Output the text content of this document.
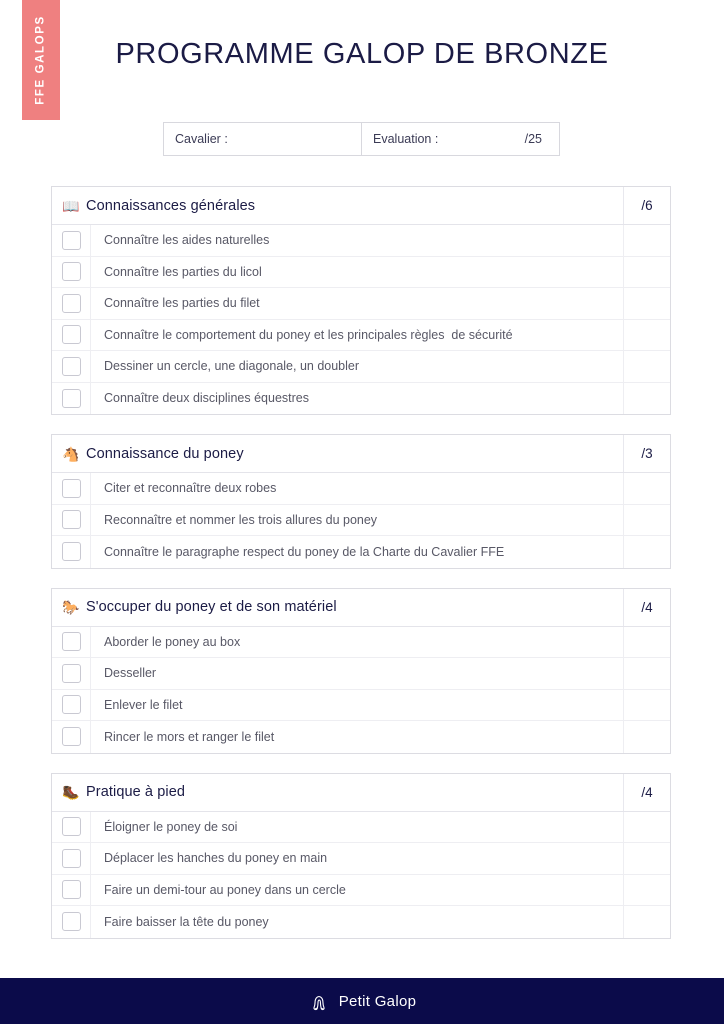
FFE GALOPS	PROGRAMME GALOP DE BRONZE
Cavalier :	Evaluation :	/25
📖 Connaissances générales	/6
Connaître les aides naturelles
Connaître les parties du licol
Connaître les parties du filet
Connaître le comportement du poney et les principales règles  de sécurité
Dessiner un cercle, une diagonale, un doubler
Connaître deux disciplines équestres
🐴 Connaissance du poney	/3
Citer et reconnaître deux robes
Reconnaître et nommer les trois allures du poney
Connaître le paragraphe respect du poney de la Charte du Cavalier FFE
🐎 S'occuper du poney et de son matériel	/4
Aborder le poney au box
Desseller
Enlever le filet
Rincer le mors et ranger le filet
🥾 Pratique à pied	/4
Éloigner le poney de soi
Déplacer les hanches du poney en main
Faire un demi-tour au poney dans un cercle
Faire baisser la tête du poney
Petit Galop
